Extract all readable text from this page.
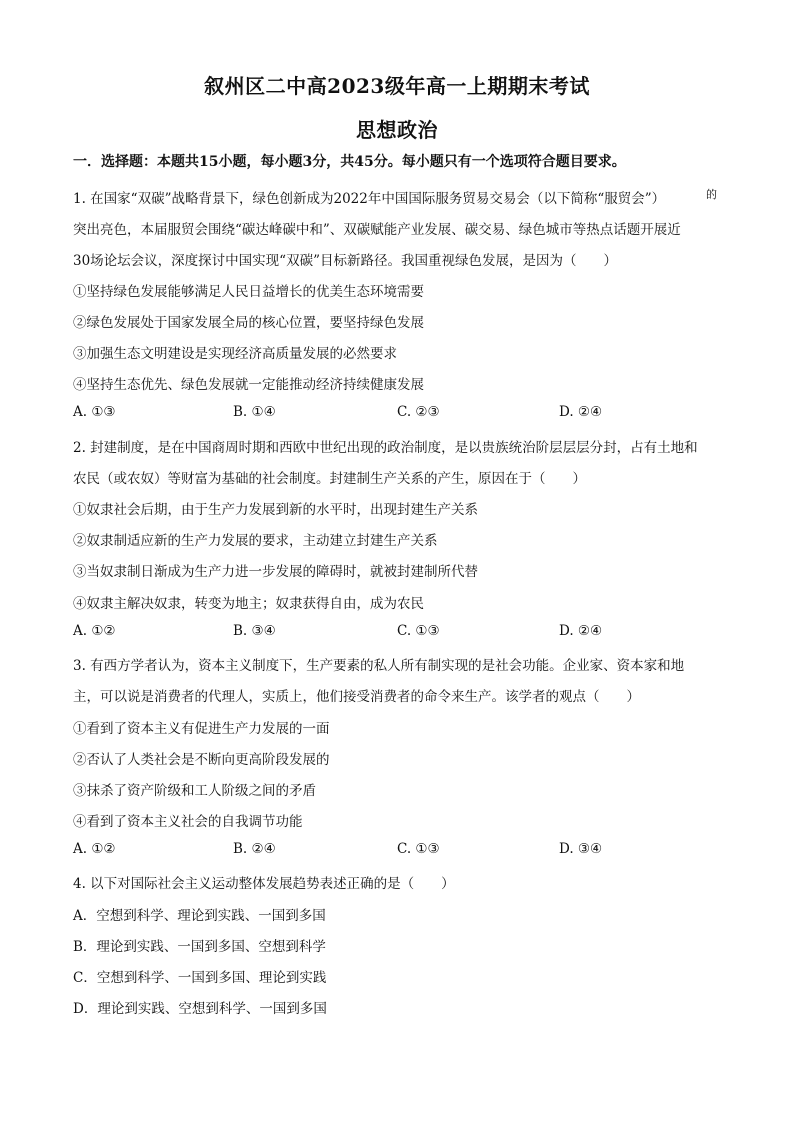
叙州区二中高2023级年高一上期期末考试
思想政治
一．选择题：本题共15小题，每小题3分，共45分。每小题只有一个选项符合题目要求。
1. 在国家“双碳”战略背景下，绿色创新成为2022年中国国际服务贸易交易会（以下简称“服贸会”）	的
突出亮色，本届服贸会围绕“碳达峰碳中和”、双碳赋能产业发展、碳交易、绿色城市等热点话题开展近
30场论坛会议，深度探讨中国实现“双碳”目标新路径。我国重视绿色发展，是因为（　　）
①坚持绿色发展能够满足人民日益增长的优美生态环境需要
②绿色发展处于国家发展全局的核心位置，要坚持绿色发展
③加强生态文明建设是实现经济高质量发展的必然要求
④坚持生态优先、绿色发展就一定能推动经济持续健康发展
A. ①③	B. ①④	C. ②③	D. ②④
2. 封建制度，是在中国商周时期和西欧中世纪出现的政治制度，是以贵族统治阶层层层分封，占有土地和
农民（或农奴）等财富为基础的社会制度。封建制生产关系的产生，原因在于（　　）
①奴隶社会后期，由于生产力发展到新的水平时，出现封建生产关系
②奴隶制适应新的生产力发展的要求，主动建立封建生产关系
③当奴隶制日渐成为生产力进一步发展的障碍时，就被封建制所代替
④奴隶主解决奴隶，转变为地主；奴隶获得自由，成为农民
A. ①②	B. ③④	C. ①③	D. ②④
3. 有西方学者认为，资本主义制度下，生产要素的私人所有制实现的是社会功能。企业家、资本家和地
主，可以说是消费者的代理人，实质上，他们接受消费者的命令来生产。该学者的观点（　　）
①看到了资本主义有促进生产力发展的一面
②否认了人类社会是不断向更高阶段发展的
③抹杀了资产阶级和工人阶级之间的矛盾
④看到了资本主义社会的自我调节功能
A. ①②	B. ②④	C. ①③	D. ③④
4. 以下对国际社会主义运动整体发展趋势表述正确的是（　　）
A．空想到科学、理论到实践、一国到多国
B．理论到实践、一国到多国、空想到科学
C．空想到科学、一国到多国、理论到实践
D．理论到实践、空想到科学、一国到多国
